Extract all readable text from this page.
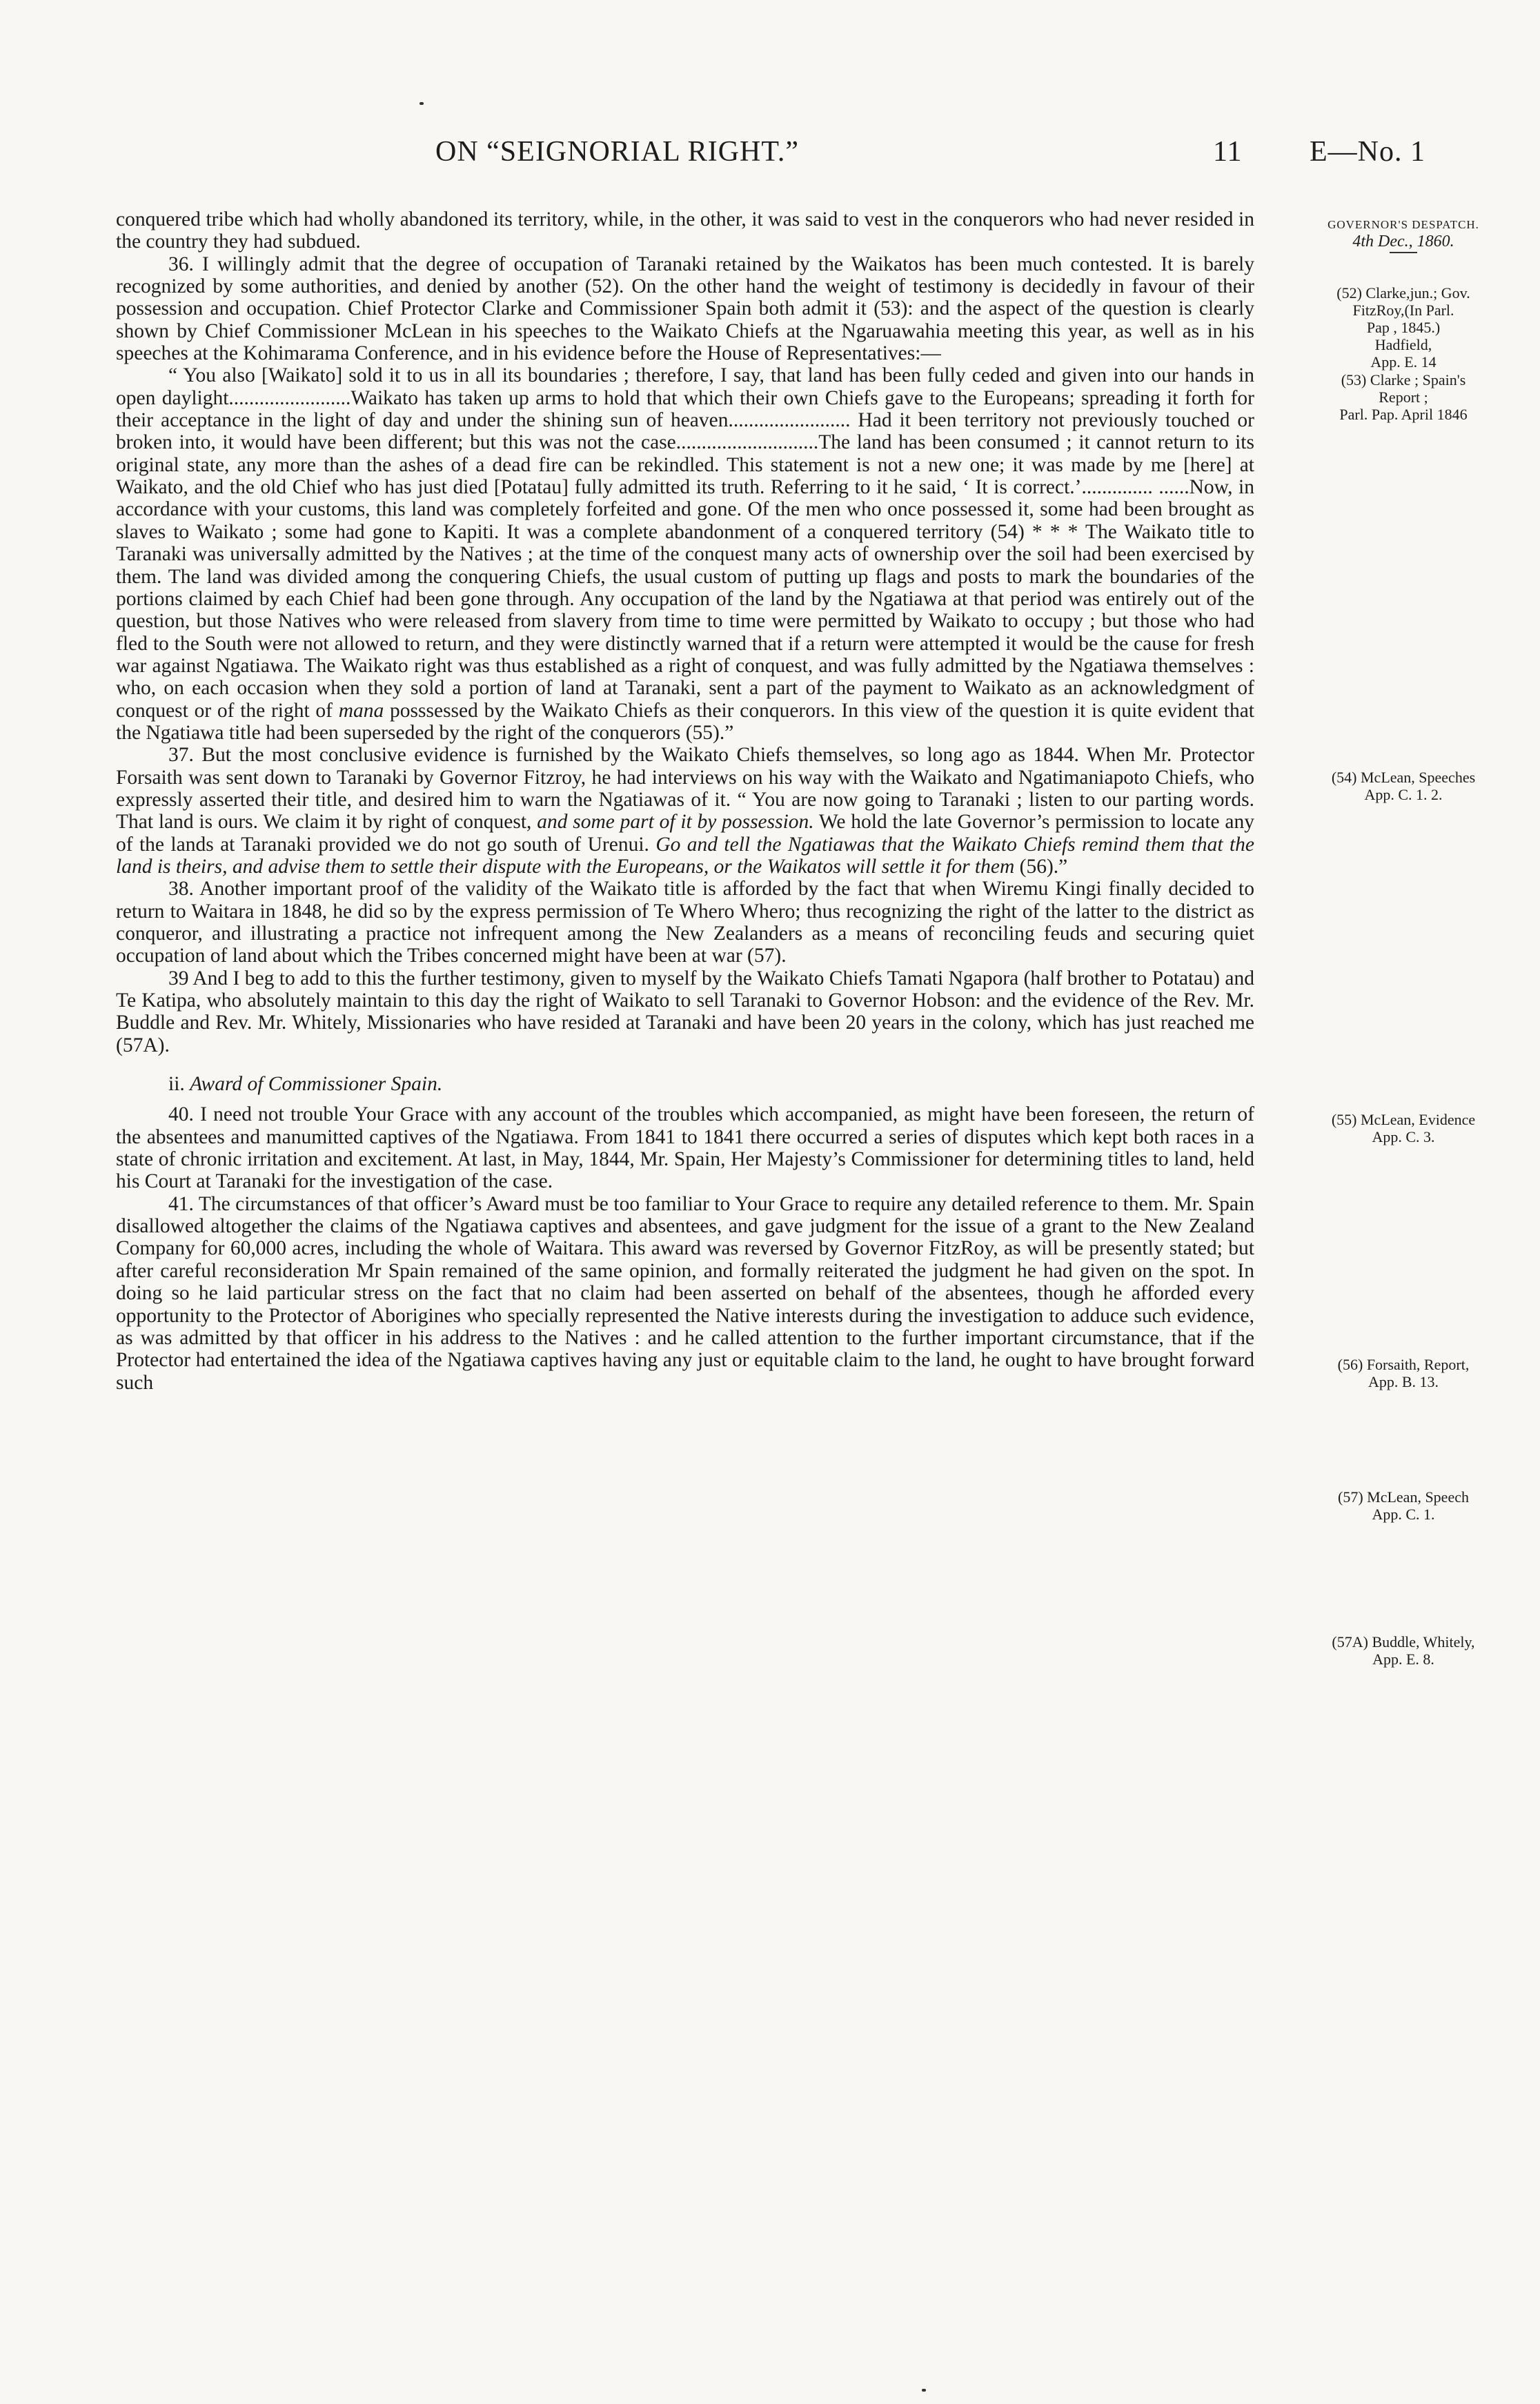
ON “SEIGNORIAL RIGHT.”	11 E—No. 1

conquered tribe which had wholly abandoned its territory, while, in the other, it was said to vest in the conquerors who had never resided in the country they had subdued.

36. I willingly admit that the degree of occupation of Taranaki retained by the Waikatos has been much contested. It is barely recognized by some authorities, and denied by another (52). On the other hand the weight of testimony is decidedly in favour of their possession and occupation. Chief Protector Clarke and Commissioner Spain both admit it (53): and the aspect of the question is clearly shown by Chief Commissioner McLean in his speeches to the Waikato Chiefs at the Ngaruawahia meeting this year, as well as in his speeches at the Kohimarama Conference, and in his evidence before the House of Representatives:—

“ You also [Waikato] sold it to us in all its boundaries ; therefore, I say, that land has been fully ceded and given into our hands in open daylight........................Waikato has taken up arms to hold that which their own Chiefs gave to the Europeans; spreading it forth for their acceptance in the light of day and under the shining sun of heaven........................ Had it been territory not previously touched or broken into, it would have been different; but this was not the case............................The land has been consumed ; it cannot return to its original state, any more than the ashes of a dead fire can be rekindled. This statement is not a new one; it was made by me [here] at Waikato, and the old Chief who has just died [Potatau] fully admitted its truth. Referring to it he said, ‘ It is correct.’.............. ......Now, in accordance with your customs, this land was completely forfeited and gone. Of the men who once possessed it, some had been brought as slaves to Waikato ; some had gone to Kapiti. It was a complete abandonment of a conquered territory (54) * * * The Waikato title to Taranaki was universally admitted by the Natives ; at the time of the conquest many acts of ownership over the soil had been exercised by them. The land was divided among the conquering Chiefs, the usual custom of putting up flags and posts to mark the boundaries of the portions claimed by each Chief had been gone through. Any occupation of the land by the Ngatiawa at that period was entirely out of the question, but those Natives who were released from slavery from time to time were permitted by Waikato to occupy ; but those who had fled to the South were not allowed to return, and they were distinctly warned that if a return were attempted it would be the cause for fresh war against Ngatiawa. The Waikato right was thus established as a right of conquest, and was fully admitted by the Ngatiawa themselves : who, on each occasion when they sold a portion of land at Taranaki, sent a part of the payment to Waikato as an acknowledgment of conquest or of the right of mana posssessed by the Waikato Chiefs as their conquerors. In this view of the question it is quite evident that the Ngatiawa title had been superseded by the right of the conquerors (55).”

37. But the most conclusive evidence is furnished by the Waikato Chiefs themselves, so long ago as 1844. When Mr. Protector Forsaith was sent down to Taranaki by Governor Fitzroy, he had interviews on his way with the Waikato and Ngatimaniapoto Chiefs, who expressly asserted their title, and desired him to warn the Ngatiawas of it. “ You are now going to Taranaki ; listen to our parting words. That land is ours. We claim it by right of conquest, and some part of it by possession. We hold the late Governor’s permission to locate any of the lands at Taranaki provided we do not go south of Urenui. Go and tell the Ngatiawas that the Waikato Chiefs remind them that the land is theirs, and advise them to settle their dispute with the Europeans, or the Waikatos will settle it for them (56).”

38. Another important proof of the validity of the Waikato title is afforded by the fact that when Wiremu Kingi finally decided to return to Waitara in 1848, he did so by the express permission of Te Whero Whero; thus recognizing the right of the latter to the district as conqueror, and illustrating a practice not infrequent among the New Zealanders as a means of reconciling feuds and securing quiet occupation of land about which the Tribes concerned might have been at war (57).

39 And I beg to add to this the further testimony, given to myself by the Waikato Chiefs Tamati Ngapora (half brother to Potatau) and Te Katipa, who absolutely maintain to this day the right of Waikato to sell Taranaki to Governor Hobson: and the evidence of the Rev. Mr. Buddle and Rev. Mr. Whitely, Missionaries who have resided at Taranaki and have been 20 years in the colony, which has just reached me (57A).

ii. Award of Commissioner Spain.

40. I need not trouble Your Grace with any account of the troubles which accompanied, as might have been foreseen, the return of the absentees and manumitted captives of the Ngatiawa. From 1841 to 1841 there occurred a series of disputes which kept both races in a state of chronic irritation and excitement. At last, in May, 1844, Mr. Spain, Her Majesty’s Commissioner for determining titles to land, held his Court at Taranaki for the investigation of the case.

41. The circumstances of that officer’s Award must be too familiar to Your Grace to require any detailed reference to them. Mr. Spain disallowed altogether the claims of the Ngatiawa captives and absentees, and gave judgment for the issue of a grant to the New Zealand Company for 60,000 acres, including the whole of Waitara. This award was reversed by Governor FitzRoy, as will be presently stated; but after careful reconsideration Mr Spain remained of the same opinion, and formally reiterated the judgment he had given on the spot. In doing so he laid particular stress on the fact that no claim had been asserted on behalf of the absentees, though he afforded every opportunity to the Protector of Aborigines who specially represented the Native interests during the investigation to adduce such evidence, as was admitted by that officer in his address to the Natives : and he called attention to the further important circumstance, that if the Protector had entertained the idea of the Ngatiawa captives having any just or equitable claim to the land, he ought to have brought forward such

GOVERNOR'S DESPATCH.
4th Dec., 1860.
(52) Clarke,jun.; Gov.
FitzRoy,(In Parl.
Pap , 1845.)
Hadfield,
App. E. 14
(53) Clarke ; Spain's
Report ;
Parl. Pap. April 1846
(54) McLean, Speeches
App. C. 1. 2.
(55) McLean, Evidence
App. C. 3.
(56) Forsaith, Report,
App. B. 13.
(57) McLean, Speech
App. C. 1.
(57A) Buddle, Whitely,
App. E. 8.
